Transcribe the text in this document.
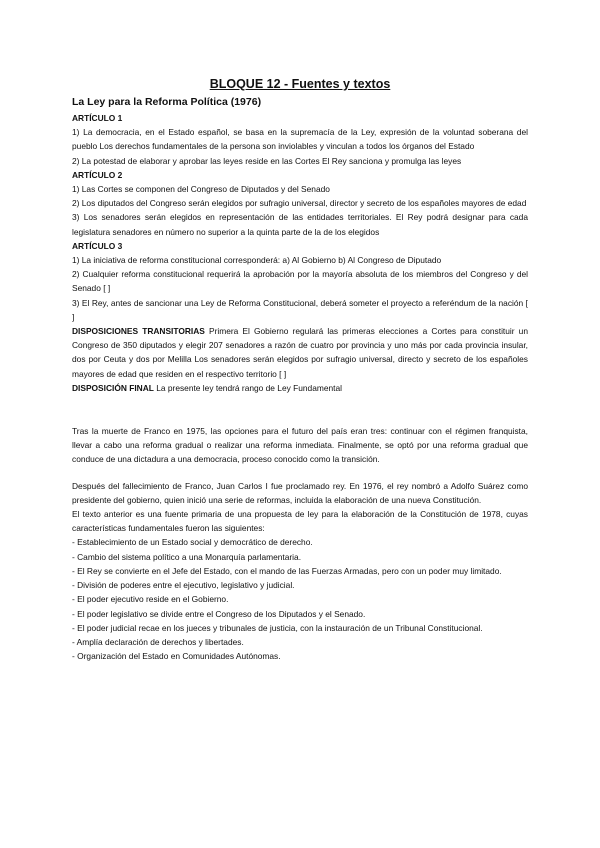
BLOQUE 12 - Fuentes y textos
La Ley para la Reforma Política (1976)

ARTÍCULO 1

1) La democracia, en el Estado español, se basa en la supremacía de la Ley, expresión de la voluntad soberana del pueblo Los derechos fundamentales de la persona son inviolables y vinculan a todos los órganos del Estado

2) La potestad de elaborar y aprobar las leyes reside en las Cortes El Rey sanciona y promulga las leyes

ARTÍCULO 2

1) Las Cortes se componen del Congreso de Diputados y del Senado

2) Los diputados del Congreso serán elegidos por sufragio universal, director y secreto de los españoles mayores de edad

3) Los senadores serán elegidos en representación de las entidades territoriales. El Rey podrá designar para cada legislatura senadores en número no superior a la quinta parte de la de los elegidos

ARTÍCULO 3

1) La iniciativa de reforma constitucional corresponderá: a) Al Gobierno b) Al Congreso de Diputado

2) Cualquier reforma constitucional requerirá la aprobación por la mayoría absoluta de los miembros del Congreso y del Senado [ ]

3) El Rey, antes de sancionar una Ley de Reforma Constitucional, deberá someter el proyecto a referéndum de la nación [ ]

DISPOSICIONES TRANSITORIAS Primera El Gobierno regulará las primeras elecciones a Cortes para constituir un Congreso de 350 diputados y elegir 207 senadores a razón de cuatro por provincia y uno más por cada provincia insular, dos por Ceuta y dos por Melilla Los senadores serán elegidos por sufragio universal, directo y secreto de los españoles mayores de edad que residen en el respectivo territorio [ ]

DISPOSICIÓN FINAL La presente ley tendrá rango de Ley Fundamental

Tras la muerte de Franco en 1975, las opciones para el futuro del país eran tres: continuar con el régimen franquista, llevar a cabo una reforma gradual o realizar una reforma inmediata. Finalmente, se optó por una reforma gradual que conduce de una dictadura a una democracia, proceso conocido como la transición.

Después del fallecimiento de Franco, Juan Carlos I fue proclamado rey. En 1976, el rey nombró a Adolfo Suárez como presidente del gobierno, quien inició una serie de reformas, incluida la elaboración de una nueva Constitución.

El texto anterior es una fuente primaria de una propuesta de ley para la elaboración de la Constitución de 1978, cuyas características fundamentales fueron las siguientes:

- Establecimiento de un Estado social y democrático de derecho.
- Cambio del sistema político a una Monarquía parlamentaria.
- El Rey se convierte en el Jefe del Estado, con el mando de las Fuerzas Armadas, pero con un poder muy limitado.
- División de poderes entre el ejecutivo, legislativo y judicial.
- El poder ejecutivo reside en el Gobierno.
- El poder legislativo se divide entre el Congreso de los Diputados y el Senado.
- El poder judicial recae en los jueces y tribunales de justicia, con la instauración de un Tribunal Constitucional.
- Amplía declaración de derechos y libertades.
- Organización del Estado en Comunidades Autónomas.
